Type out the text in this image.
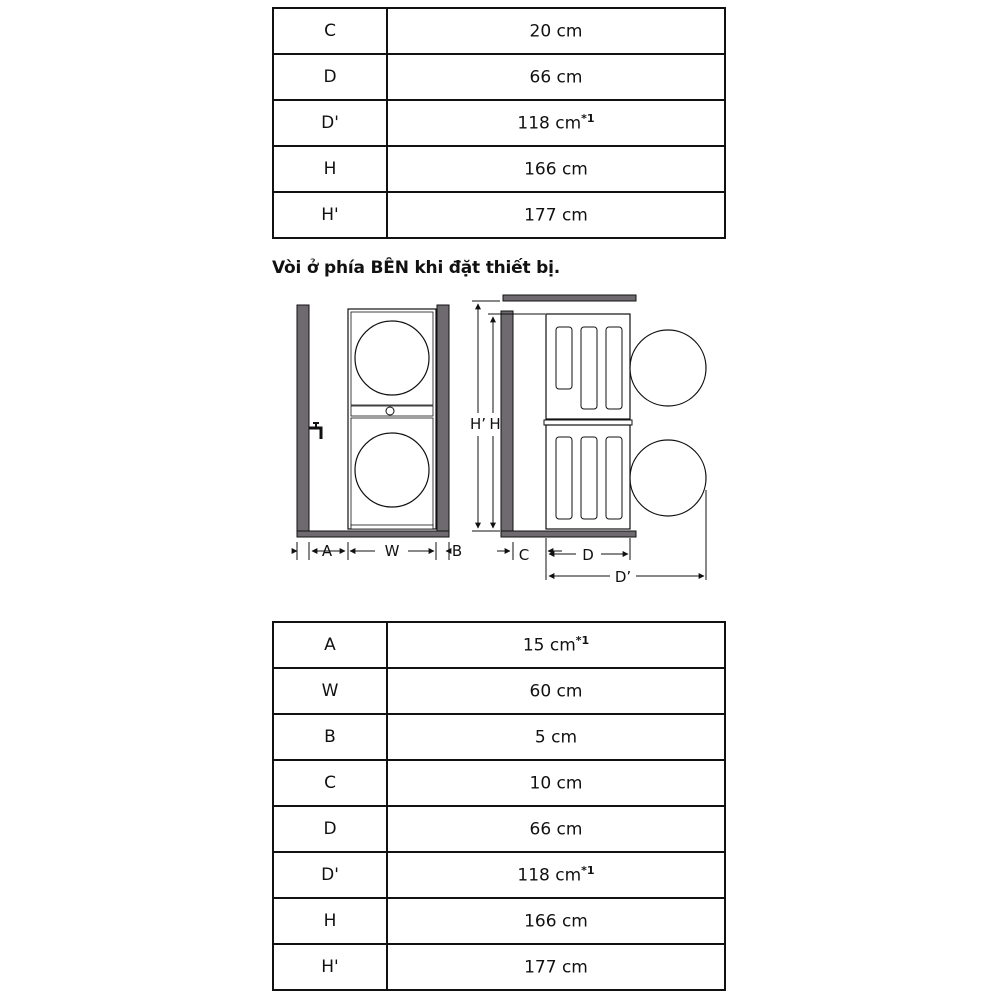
C	20 cm
D	66 cm
D'	118 $cm^{*1}$
H	166 cm
H'	177 cm

Vòi ở phía BÊN khi đặt thiết bị.

A	W	B
H’ H
C	D
D’
A	15 $cm^{*1}$
W	60 cm
B	5 cm
C	10 cm
D	66 cm
D'	118 $cm^{*1}$
H	166 cm
H'	177 cm
